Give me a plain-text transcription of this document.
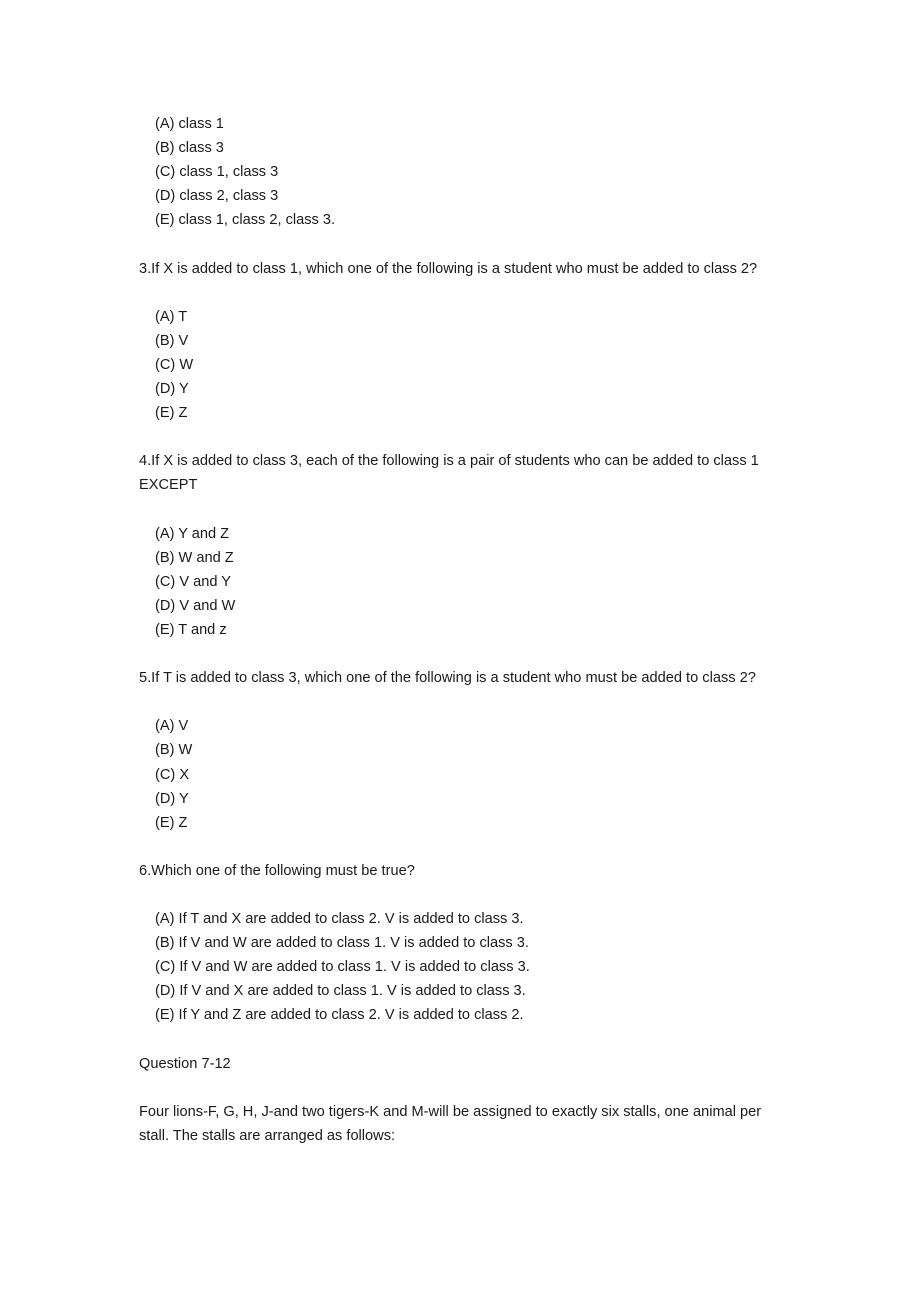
(A) class 1
(B) class 3
(C) class 1, class 3
(D) class 2, class 3
(E) class 1, class 2, class 3.

3.If X is added to class 1, which one of the following is a student who must be added to class 2?

(A) T
(B) V
(C) W
(D) Y
(E) Z
4.If X is added to class 3, each of the following is a pair of students who can be added to class 1
EXCEPT
(A) Y and Z
(B) W and Z
(C) V and Y
(D) V and W
(E) T and z

5.If T is added to class 3, which one of the following is a student who must be added to class 2?

(A) V
(B) W
(C) X
(D) Y
(E) Z

6.Which one of the following must be true?

(A) If T and X are added to class 2. V is added to class 3.
(B) If V and W are added to class 1. V is added to class 3.
(C) If V and W are added to class 1. V is added to class 3.
(D) If V and X are added to class 1. V is added to class 3.
(E) If Y and Z are added to class 2. V is added to class 2.

Question 7-12

Four lions-F, G, H, J-and two tigers-K and M-will be assigned to exactly six stalls, one animal per
stall. The stalls are arranged as follows:
